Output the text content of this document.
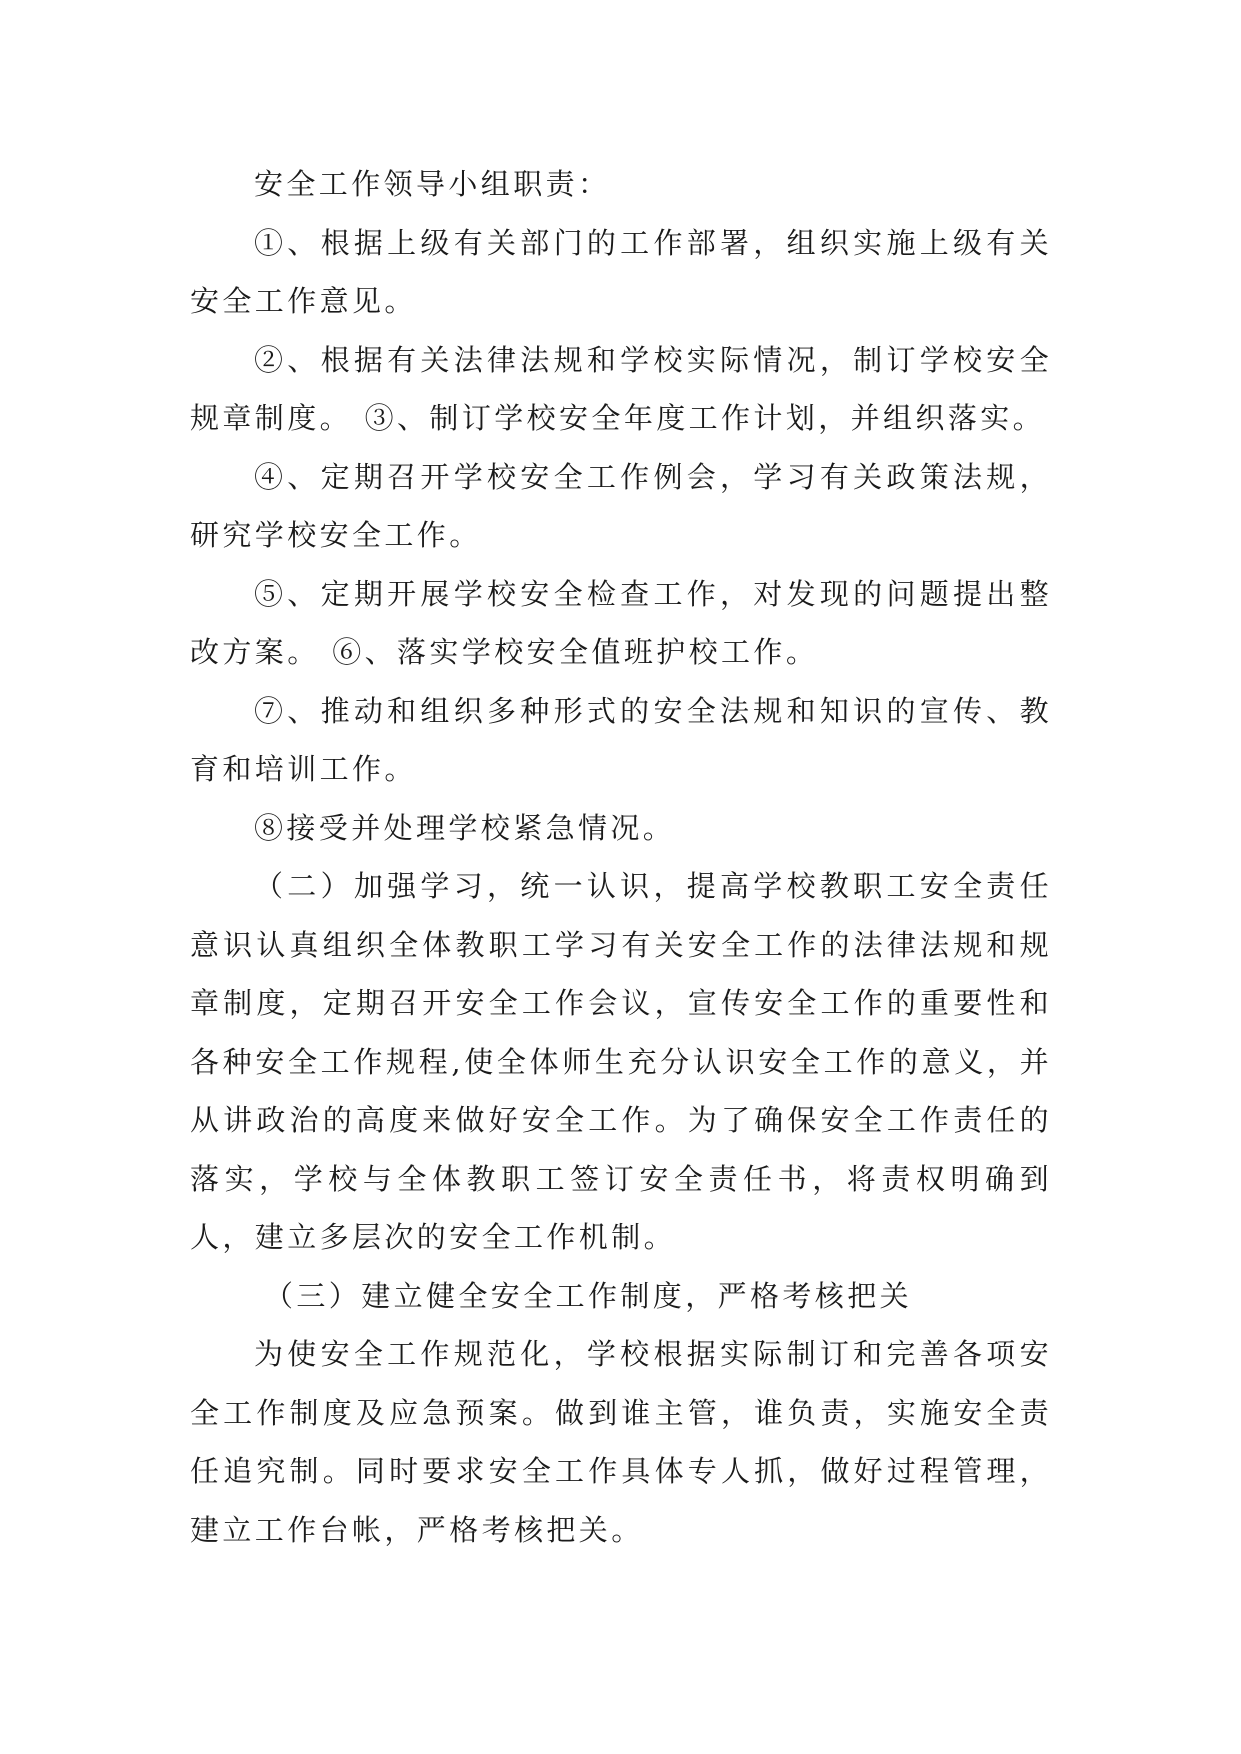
安全工作领导小组职责：

①、根据上级有关部门的工作部署，组织实施上级有关安全工作意见。

②、根据有关法律法规和学校实际情况，制订学校安全规章制度。 ③、制订学校安全年度工作计划，并组织落实。

④、定期召开学校安全工作例会，学习有关政策法规，研究学校安全工作。

⑤、定期开展学校安全检查工作，对发现的问题提出整改方案。 ⑥、落实学校安全值班护校工作。

⑦、推动和组织多种形式的安全法规和知识的宣传、教育和培训工作。

⑧接受并处理学校紧急情况。

（二）加强学习，统一认识，提高学校教职工安全责任意识认真组织全体教职工学习有关安全工作的法律法规和规章制度，定期召开安全工作会议，宣传安全工作的重要性和各种安全工作规程,使全体师生充分认识安全工作的意义，并从讲政治的高度来做好安全工作。为了确保安全工作责任的落实，学校与全体教职工签订安全责任书，将责权明确到人，建立多层次的安全工作机制。

（三）建立健全安全工作制度，严格考核把关

为使安全工作规范化，学校根据实际制订和完善各项安全工作制度及应急预案。做到谁主管，谁负责，实施安全责任追究制。同时要求安全工作具体专人抓，做好过程管理，建立工作台帐，严格考核把关。
